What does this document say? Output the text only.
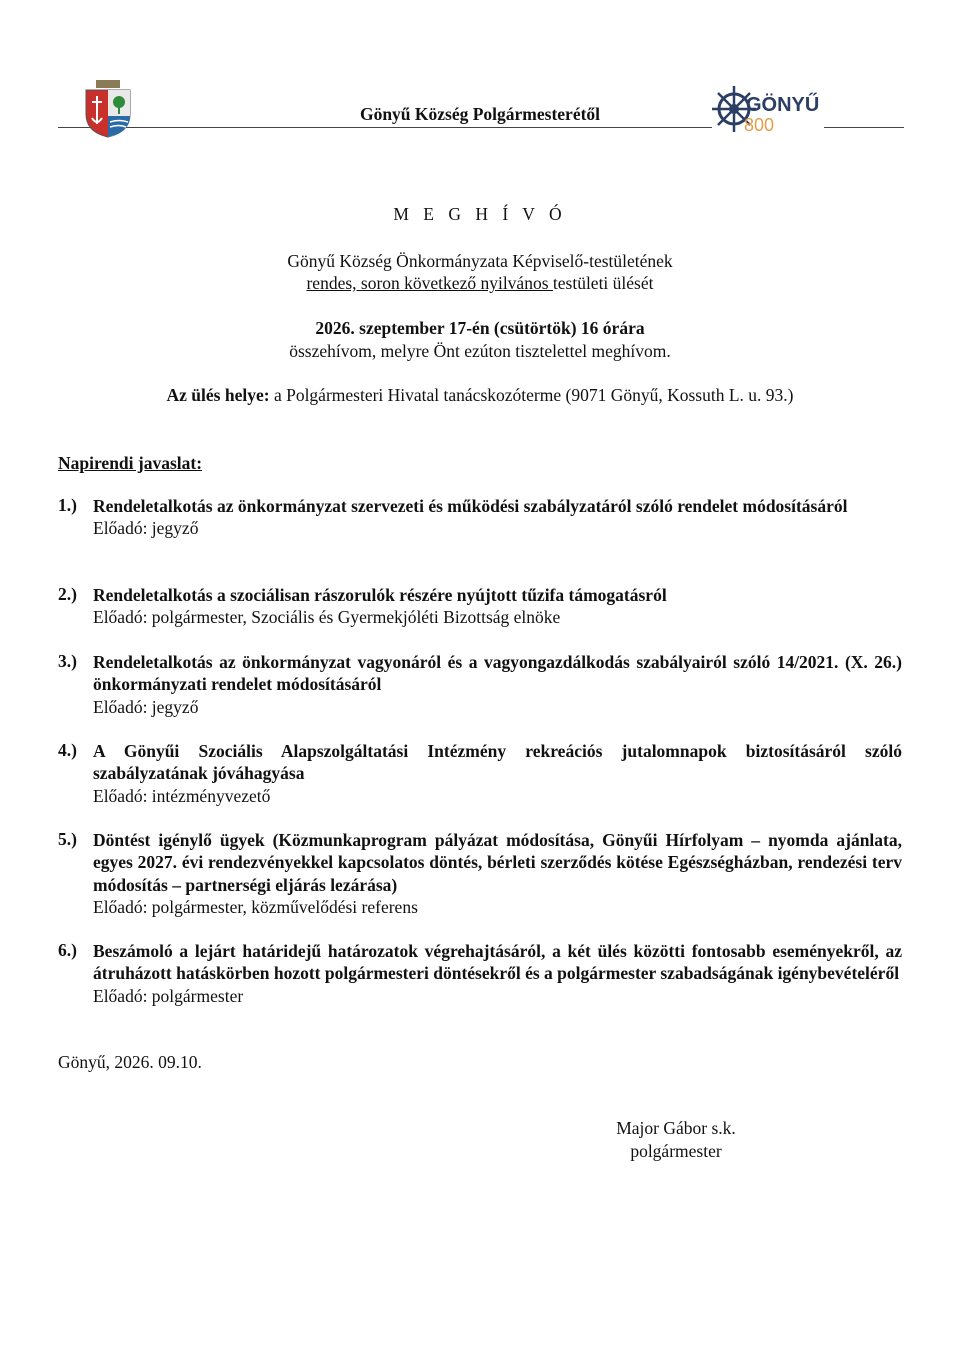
GÖNYŰ
800
Gönyű Község Polgármesterétől
M E G H Í V Ó
Gönyű Község Önkormányzata Képviselő-testületének
rendes, soron következő nyilvános testületi ülését
2026. szeptember 17-én (csütörtök) 16 órára
összehívom, melyre Önt ezúton tisztelettel meghívom.
Az ülés helye: a Polgármesteri Hivatal tanácskozóterme (9071 Gönyű, Kossuth L. u. 93.)
Napirendi javaslat:
1.) Rendeletalkotás az önkormányzat szervezeti és működési szabályzatáról szóló rendelet módosításáról
Előadó: jegyző
2.) Rendeletalkotás a szociálisan rászorulók részére nyújtott tűzifa támogatásról
Előadó: polgármester, Szociális és Gyermekjóléti Bizottság elnöke
3.) Rendeletalkotás az önkormányzat vagyonáról és a vagyongazdálkodás szabályairól szóló 14/2021. (X. 26.) önkormányzati rendelet módosításáról
Előadó: jegyző
4.) A Gönyűi Szociális Alapszolgáltatási Intézmény rekreációs jutalomnapok biztosításáról szóló szabályzatának jóváhagyása
Előadó: intézményvezető
5.) Döntést igénylő ügyek (Közmunkaprogram pályázat módosítása, Gönyűi Hírfolyam – nyomda ajánlata, egyes 2027. évi rendezvényekkel kapcsolatos döntés, bérleti szerződés kötése Egészségházban, rendezési terv módosítás – partnerségi eljárás lezárása)
Előadó: polgármester, közművelődési referens
6.) Beszámoló a lejárt határidejű határozatok végrehajtásáról, a két ülés közötti fontosabb eseményekről, az átruházott hatáskörben hozott polgármesteri döntésekről és a polgármester szabadságának igénybevételéről
Előadó: polgármester
Gönyű, 2026. 09.10.
Major Gábor s.k.
polgármester
